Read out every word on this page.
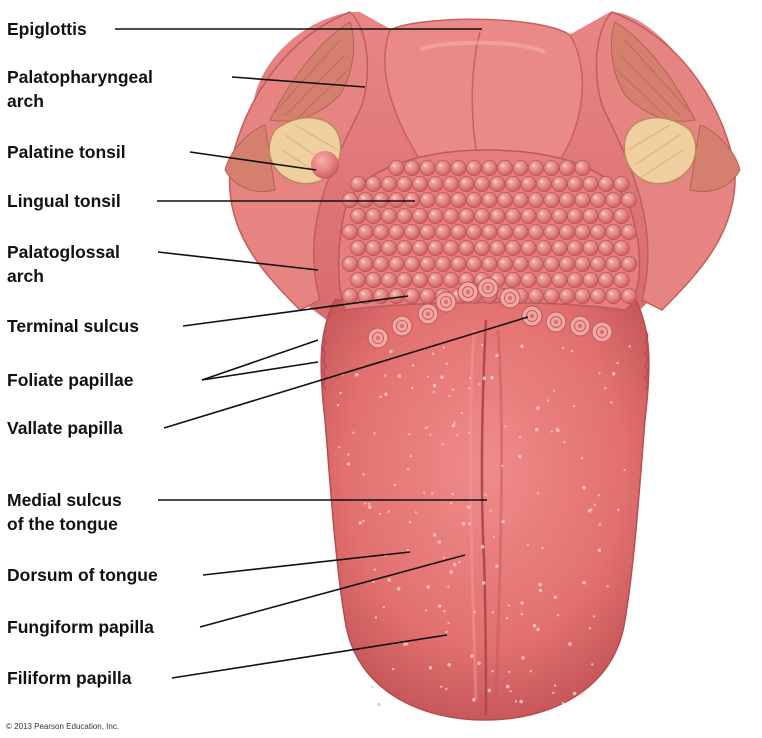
Epiglottis
Palatopharyngeal
arch
Palatine tonsil
Lingual tonsil
Palatoglossal
arch
Terminal sulcus
Foliate papillae
Vallate papilla
Medial sulcus
of the tongue
Dorsum of tongue
Fungiform papilla
Filiform papilla
© 2013 Pearson Education, Inc.
